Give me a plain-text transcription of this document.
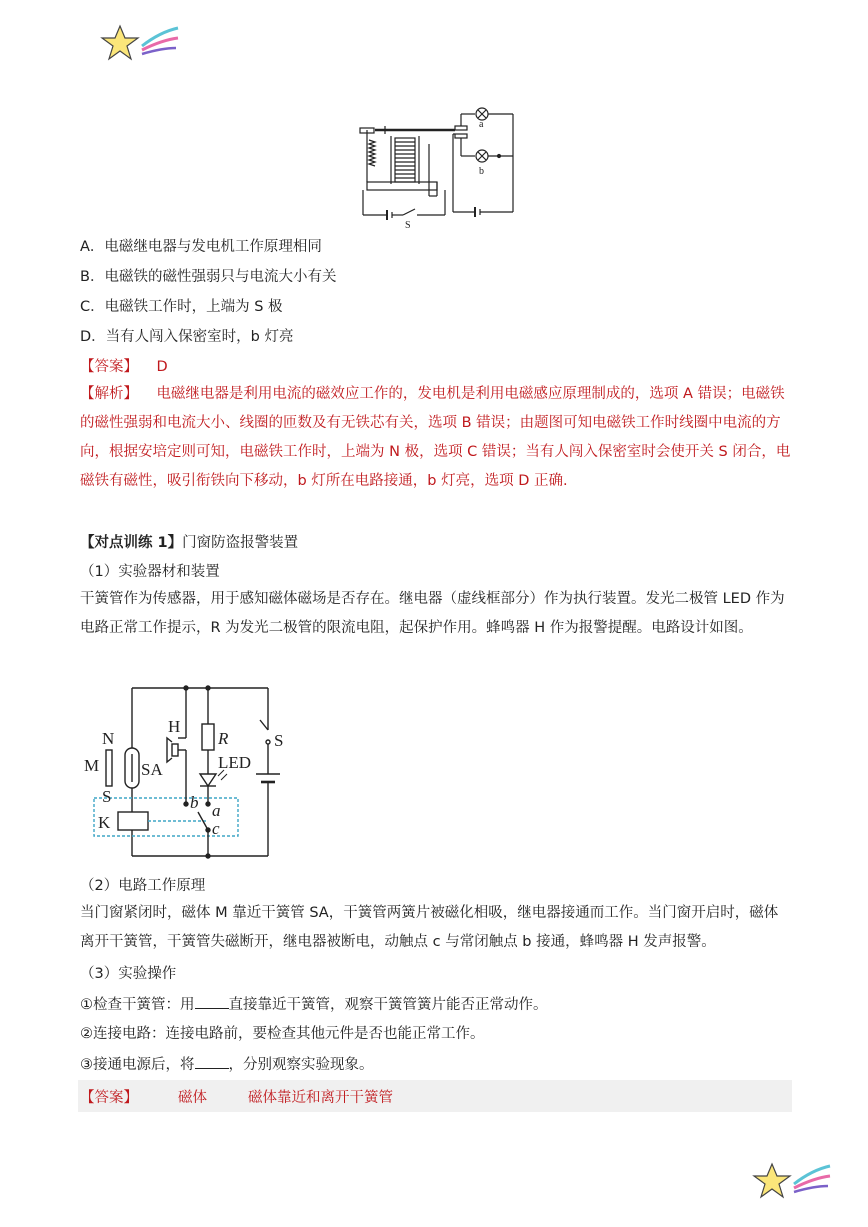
a
b
S
A．电磁继电器与发电机工作原理相同
B．电磁铁的磁性强弱只与电流大小有关
C．电磁铁工作时，上端为 S 极
D．当有人闯入保密室时，b 灯亮
【答案】 D
【解析】 电磁继电器是利用电流的磁效应工作的，发电机是利用电磁感应原理制成的，选项 A 错误；电磁铁的磁性强弱和电流大小、线圈的匝数及有无铁芯有关，选项 B 错误；由题图可知电磁铁工作时线圈中电流的方向，根据安培定则可知，电磁铁工作时，上端为 N 极，选项 C 错误；当有人闯入保密室时会使开关 S 闭合，电磁铁有磁性，吸引衔铁向下移动，b 灯所在电路接通，b 灯亮，选项 D 正确.
【对点训练 1】门窗防盗报警装置
（1）实验器材和装置
干簧管作为传感器，用于感知磁体磁场是否存在。继电器（虚线框部分）作为执行装置。发光二极管 LED 作为电路正常工作提示，R 为发光二极管的限流电阻，起保护作用。蜂鸣器 H 作为报警提醒。电路设计如图。
N
M
S
SA
H
R
LED
S
b a
c
K
（2）电路工作原理
当门窗紧闭时，磁体 M 靠近干簧管 SA，干簧管两簧片被磁化相吸，继电器接通而工作。当门窗开启时，磁体离开干簧管，干簧管失磁断开，继电器被断电，动触点 c 与常闭触点 b 接通，蜂鸣器 H 发声报警。
（3）实验操作
①检查干簧管：用 直接靠近干簧管，观察干簧管簧片能否正常动作。
②连接电路：连接电路前，要检查其他元件是否也能正常工作。
③接通电源后，将 ，分别观察实验现象。
【答案】	磁体	磁体靠近和离开干簧管
